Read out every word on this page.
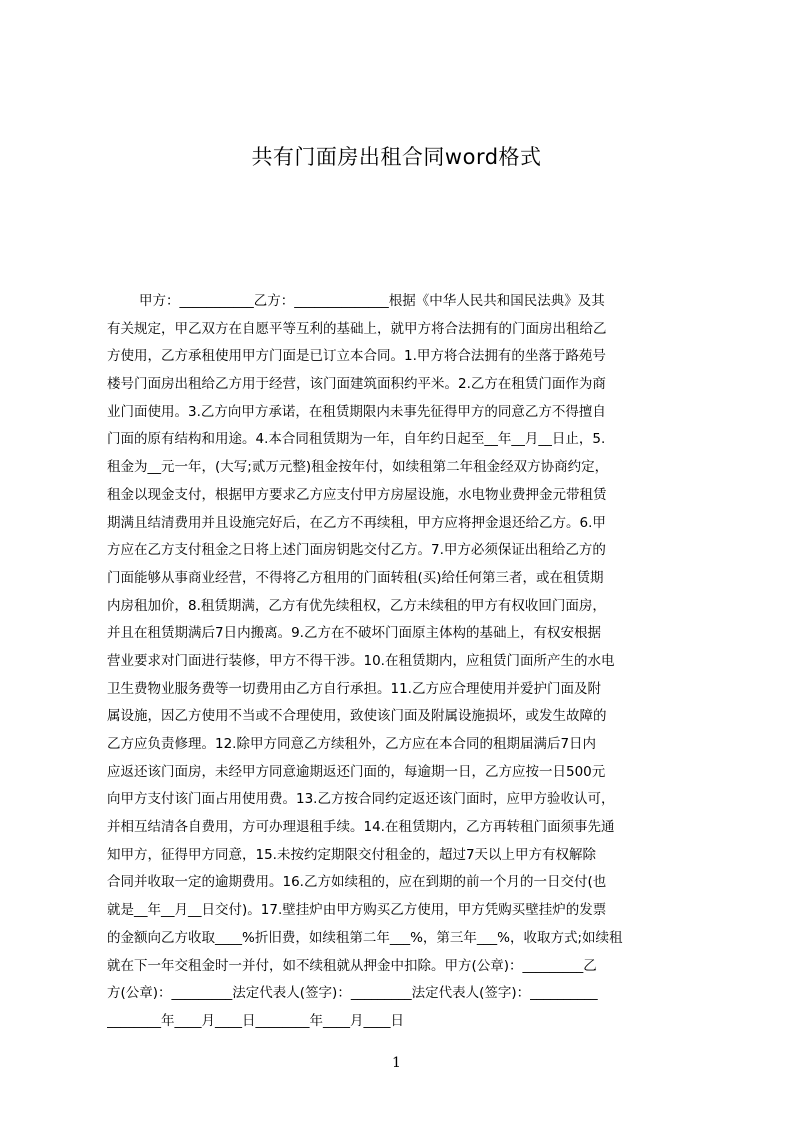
共有门面房出租合同word格式
甲方：___________乙方：______________根据《中华人民共和国民法典》及其
有关规定，甲乙双方在自愿平等互利的基础上，就甲方将合法拥有的门面房出租给乙
方使用，乙方承租使用甲方门面是已订立本合同。1.甲方将合法拥有的坐落于路苑号
楼号门面房出租给乙方用于经营，该门面建筑面积约平米。2.乙方在租赁门面作为商
业门面使用。3.乙方向甲方承诺，在租赁期限内未事先征得甲方的同意乙方不得擅自
门面的原有结构和用途。4.本合同租赁期为一年，自年约日起至__年__月__日止，5.
租金为__元一年，(大写;贰万元整)租金按年付，如续租第二年租金经双方协商约定，
租金以现金支付，根据甲方要求乙方应支付甲方房屋设施，水电物业费押金元带租赁
期满且结清费用并且设施完好后，在乙方不再续租，甲方应将押金退还给乙方。6.甲
方应在乙方支付租金之日将上述门面房钥匙交付乙方。7.甲方必须保证出租给乙方的
门面能够从事商业经营，不得将乙方租用的门面转租(买)给任何第三者，或在租赁期
内房租加价，8.租赁期满，乙方有优先续租权，乙方未续租的甲方有权收回门面房，
并且在租赁期满后7日内搬离。9.乙方在不破坏门面原主体构的基础上，有权安根据
营业要求对门面进行装修，甲方不得干涉。10.在租赁期内，应租赁门面所产生的水电
卫生费物业服务费等一切费用由乙方自行承担。11.乙方应合理使用并爱护门面及附
属设施，因乙方使用不当或不合理使用，致使该门面及附属设施损坏，或发生故障的
乙方应负责修理。12.除甲方同意乙方续租外，乙方应在本合同的租期届满后7日内
应返还该门面房，未经甲方同意逾期返还门面的，每逾期一日，乙方应按一日500元
向甲方支付该门面占用使用费。13.乙方按合同约定返还该门面时，应甲方验收认可，
并相互结清各自费用，方可办理退租手续。14.在租赁期内，乙方再转租门面须事先通
知甲方，征得甲方同意，15.未按约定期限交付租金的，超过7天以上甲方有权解除
合同并收取一定的逾期费用。16.乙方如续租的，应在到期的前一个月的一日交付(也
就是__年__月__日交付)。17.壁挂炉由甲方购买乙方使用，甲方凭购买壁挂炉的发票
的金额向乙方收取____%折旧费，如续租第二年___%，第三年___%，收取方式;如续租
就在下一年交租金时一并付，如不续租就从押金中扣除。甲方(公章)：_________乙
方(公章)：_________法定代表人(签字)：_________法定代表人(签字)：__________
________年____月____日________年____月____日
1
